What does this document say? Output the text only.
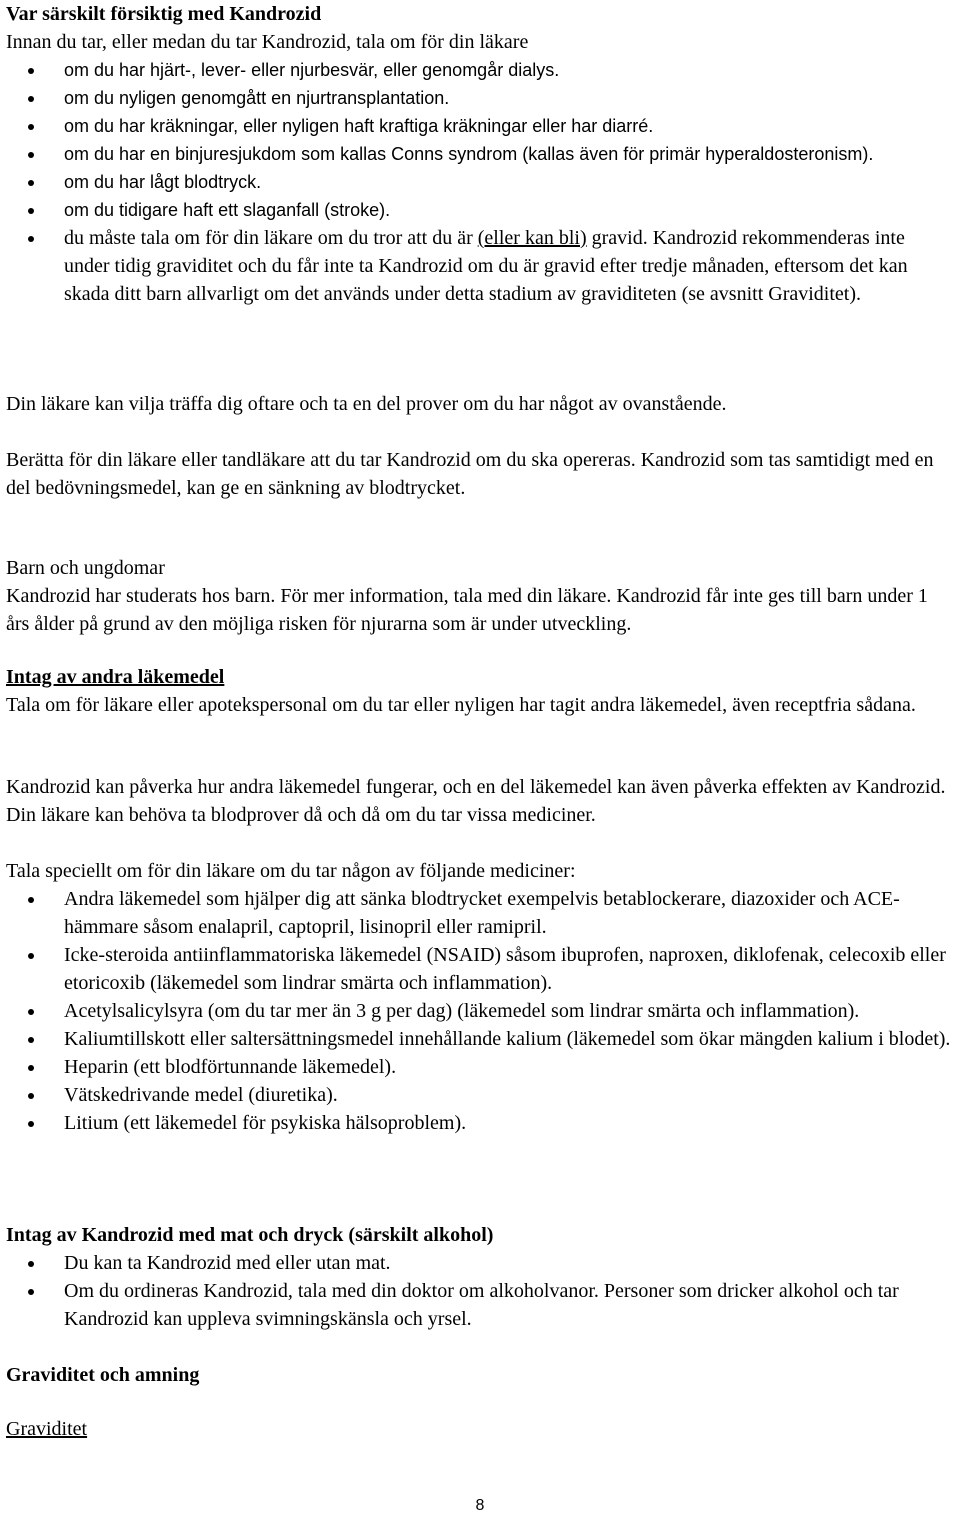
Var särskilt försiktig med Kandrozid
Innan du tar, eller medan du tar Kandrozid, tala om för din läkare
om du har hjärt-, lever- eller njurbesvär, eller genomgår dialys.
om du nyligen genomgått en njurtransplantation.
om du har kräkningar, eller nyligen haft kraftiga kräkningar eller har diarré.
om du har en binjuresjukdom som kallas Conns syndrom (kallas även för primär hyperaldosteronism).
om du har lågt blodtryck.
om du tidigare haft ett slaganfall (stroke).
du måste tala om för din läkare om du tror att du är (eller kan bli) gravid. Kandrozid rekommenderas inte under tidig graviditet och du får inte ta Kandrozid om du är gravid efter tredje månaden, eftersom det kan skada ditt barn allvarligt om det används under detta stadium av graviditeten (se avsnitt Graviditet).

Din läkare kan vilja träffa dig oftare och ta en del prover om du har något av ovanstående.

Berätta för din läkare eller tandläkare att du tar Kandrozid om du ska opereras. Kandrozid som tas samtidigt med en del bedövningsmedel, kan ge en sänkning av blodtrycket.

Barn och ungdomar
Kandrozid har studerats hos barn. För mer information, tala med din läkare. Kandrozid får inte ges till barn under 1 års ålder på grund av den möjliga risken för njurarna som är under utveckling.
Intag av andra läkemedel
Tala om för läkare eller apotekspersonal om du tar eller nyligen har tagit andra läkemedel, även receptfria sådana.

Kandrozid kan påverka hur andra läkemedel fungerar, och en del läkemedel kan även påverka effekten av Kandrozid. Din läkare kan behöva ta blodprover då och då om du tar vissa mediciner.

Tala speciellt om för din läkare om du tar någon av följande mediciner:
Andra läkemedel som hjälper dig att sänka blodtrycket exempelvis betablockerare, diazoxider och ACE-hämmare såsom enalapril, captopril, lisinopril eller ramipril.
Icke-steroida antiinflammatoriska läkemedel (NSAID) såsom ibuprofen, naproxen, diklofenak, celecoxib eller etoricoxib (läkemedel som lindrar smärta och inflammation).
Acetylsalicylsyra (om du tar mer än 3 g per dag) (läkemedel som lindrar smärta och inflammation).
Kaliumtillskott eller saltersättningsmedel innehållande kalium (läkemedel som ökar mängden kalium i blodet).
Heparin (ett blodförtunnande läkemedel).
Vätskedrivande medel (diuretika).
Litium (ett läkemedel för psykiska hälsoproblem).
Intag av Kandrozid med mat och dryck (särskilt alkohol)
Du kan ta Kandrozid med eller utan mat.
Om du ordineras Kandrozid, tala med din doktor om alkoholvanor. Personer som dricker alkohol och tar Kandrozid kan uppleva svimningskänsla och yrsel.
Graviditet och amning
Graviditet
8
